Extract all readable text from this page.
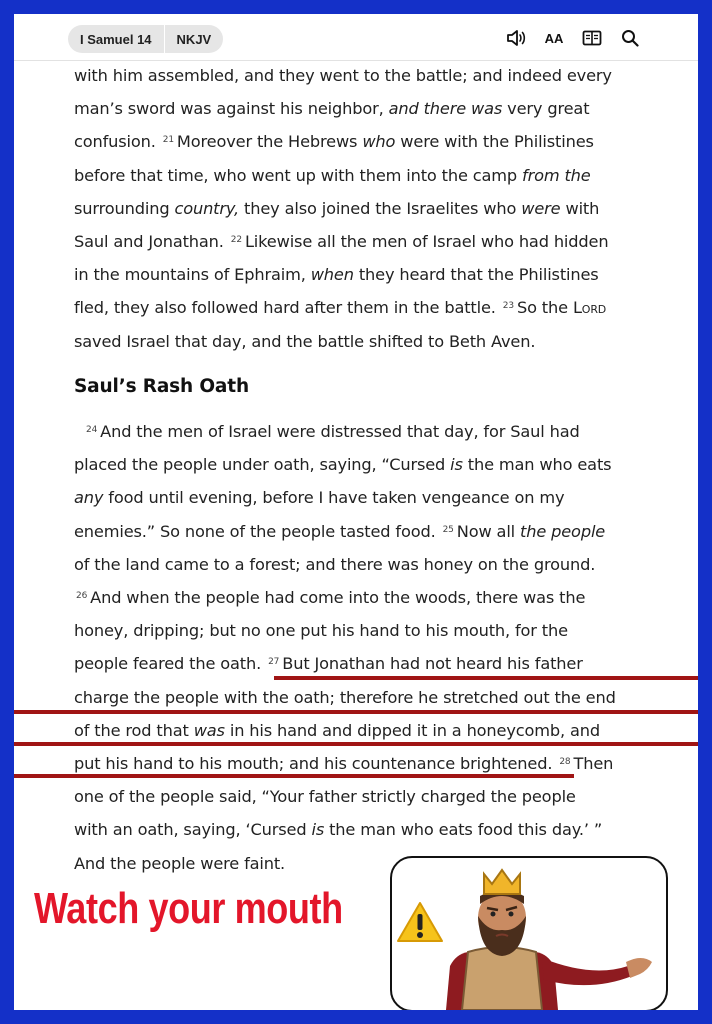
I Samuel 14	NKJV	AA
Saul’s Rash Oath
with him assembled, and they went to the battle; and indeed every
man’s sword was against his neighbor, and there was very great
confusion. $^{21}$ Moreover the Hebrews who were with the Philistines
before that time, who went up with them into the camp from the
surrounding country, they also joined the Israelites who were with
Saul and Jonathan. $^{22}$ Likewise all the men of Israel who had hidden
in the mountains of Ephraim, when they heard that the Philistines
fled, they also followed hard after them in the battle. $^{23}$ So the Lord
saved Israel that day, and the battle shifted to Beth Aven.
$^{24}$ And the men of Israel were distressed that day, for Saul had
placed the people under oath, saying, “Cursed is the man who eats
any food until evening, before I have taken vengeance on my
enemies.” So none of the people tasted food. $^{25}$ Now all the people
of the land came to a forest; and there was honey on the ground.
$^{26}$ And when the people had come into the woods, there was the
honey, dripping; but no one put his hand to his mouth, for the
people feared the oath. $^{27}$ But Jonathan had not heard his father
charge the people with the oath; therefore he stretched out the end
of the rod that was in his hand and dipped it in a honeycomb, and
put his hand to his mouth; and his countenance brightened. $^{28}$ Then
one of the people said, “Your father strictly charged the people
with an oath, saying, ‘Cursed is the man who eats food this day.’ ”
And the people were faint.
Watch your mouth
